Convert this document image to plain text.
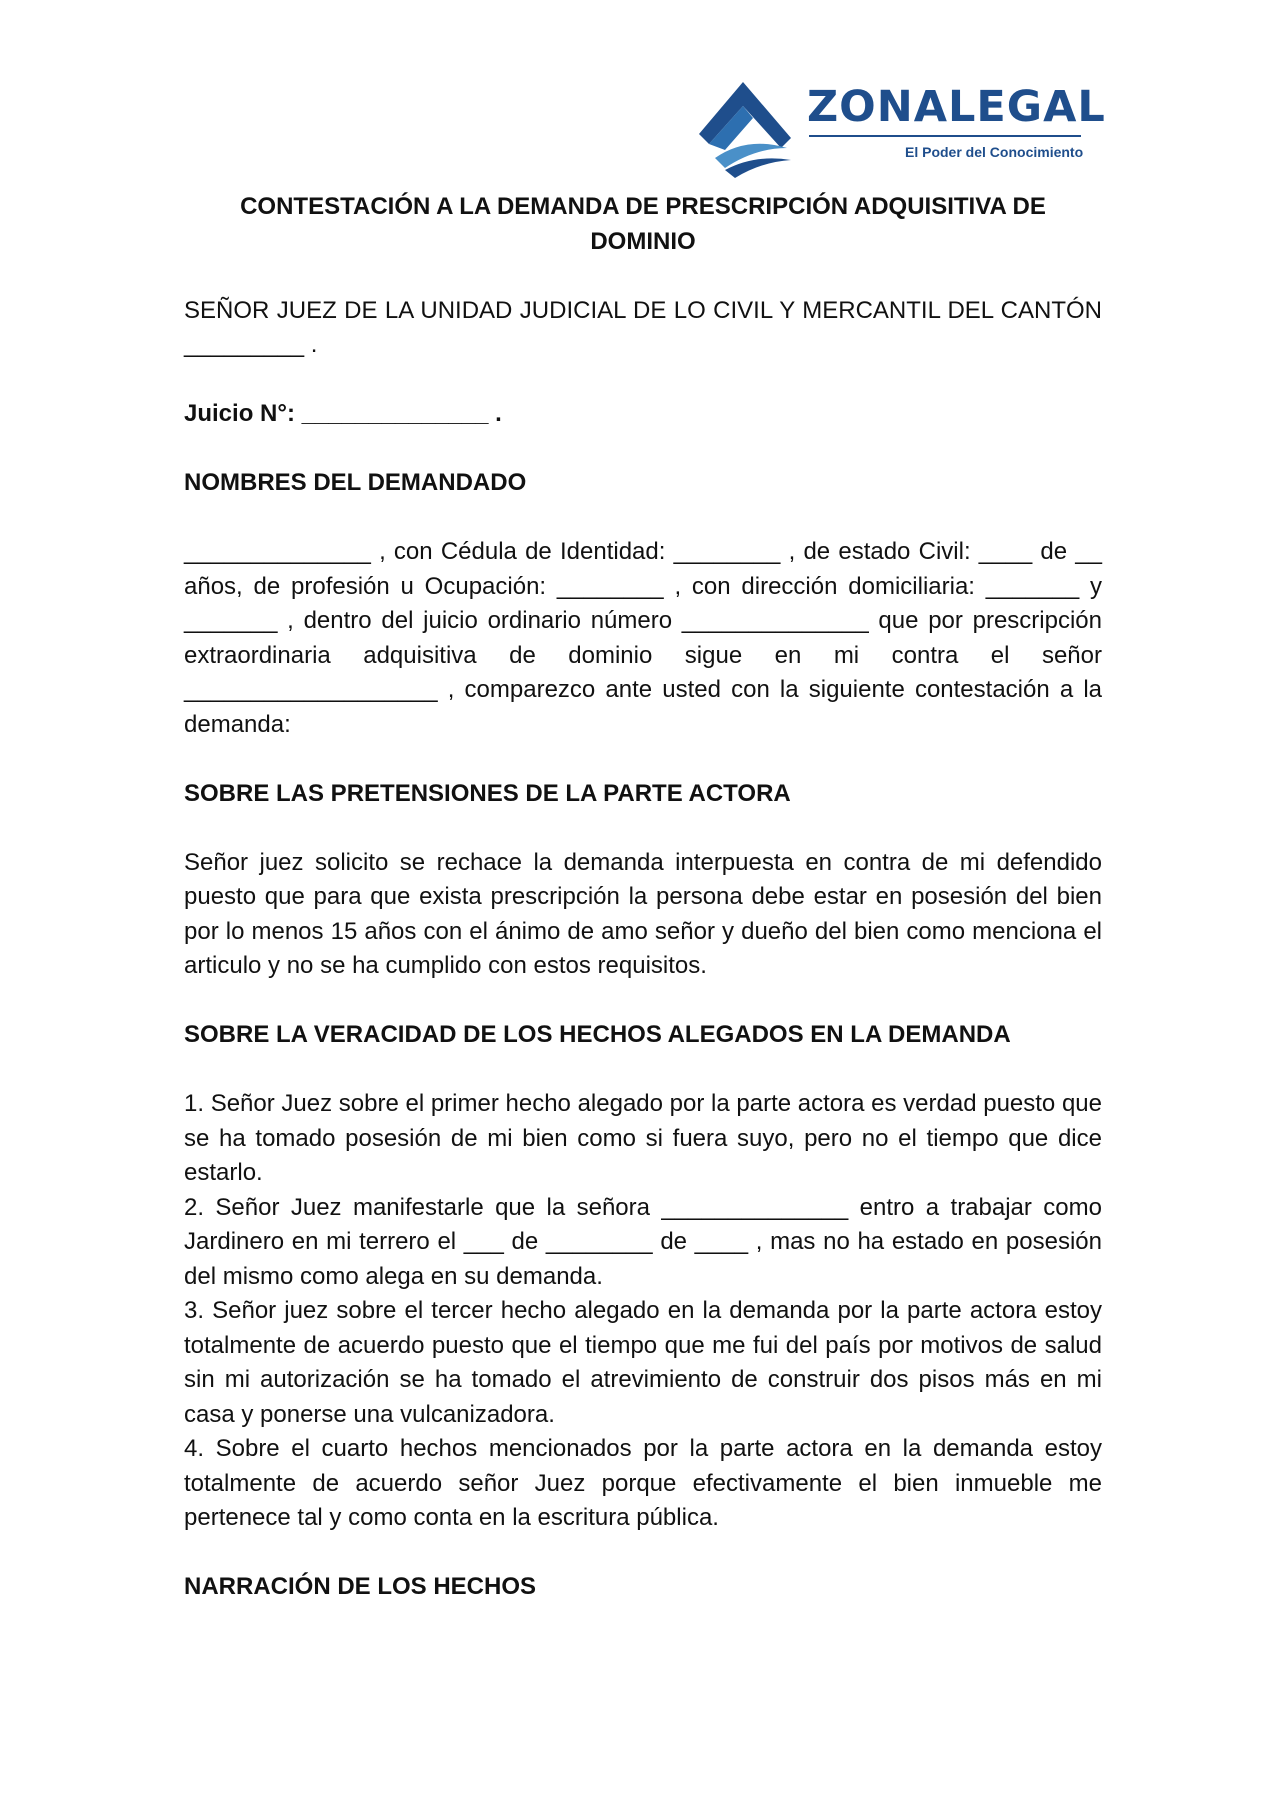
ZONALEGAL
El Poder del Conocimiento

CONTESTACIÓN A LA DEMANDA DE PRESCRIPCIÓN ADQUISITIVA DE DOMINIO

SEÑOR JUEZ DE LA UNIDAD JUDICIAL DE LO CIVIL Y MERCANTIL DEL CANTÓN _________ .

Juicio N°: ______________ .

NOMBRES DEL DEMANDADO

______________ , con Cédula de Identidad: ________ , de estado Civil: ____ de __ años, de profesión u Ocupación: ________ , con dirección domiciliaria: _______ y _______ , dentro del juicio ordinario número ______________ que por prescripción extraordinaria adquisitiva de dominio sigue en mi contra el señor ___________________ , comparezco ante usted con la siguiente contestación a la demanda:

SOBRE LAS PRETENSIONES DE LA PARTE ACTORA

Señor juez solicito se rechace la demanda interpuesta en contra de mi defendido puesto que para que exista prescripción la persona debe estar en posesión del bien por lo menos 15 años con el ánimo de amo señor y dueño del bien como menciona el articulo y no se ha cumplido con estos requisitos.

SOBRE LA VERACIDAD DE LOS HECHOS ALEGADOS EN LA DEMANDA

1. Señor Juez sobre el primer hecho alegado por la parte actora es verdad puesto que se ha tomado posesión de mi bien como si fuera suyo, pero no el tiempo que dice estarlo.

2. Señor Juez manifestarle que la señora ______________ entro a trabajar como Jardinero en mi terrero el ___ de ________ de ____ , mas no ha estado en posesión del mismo como alega en su demanda.

3. Señor juez sobre el tercer hecho alegado en la demanda por la parte actora estoy totalmente de acuerdo puesto que el tiempo que me fui del país por motivos de salud sin mi autorización se ha tomado el atrevimiento de construir dos pisos más en mi casa y ponerse una vulcanizadora.

4. Sobre el cuarto hechos mencionados por la parte actora en la demanda estoy totalmente de acuerdo señor Juez porque efectivamente el bien inmueble me pertenece tal y como conta en la escritura pública.

NARRACIÓN DE LOS HECHOS
